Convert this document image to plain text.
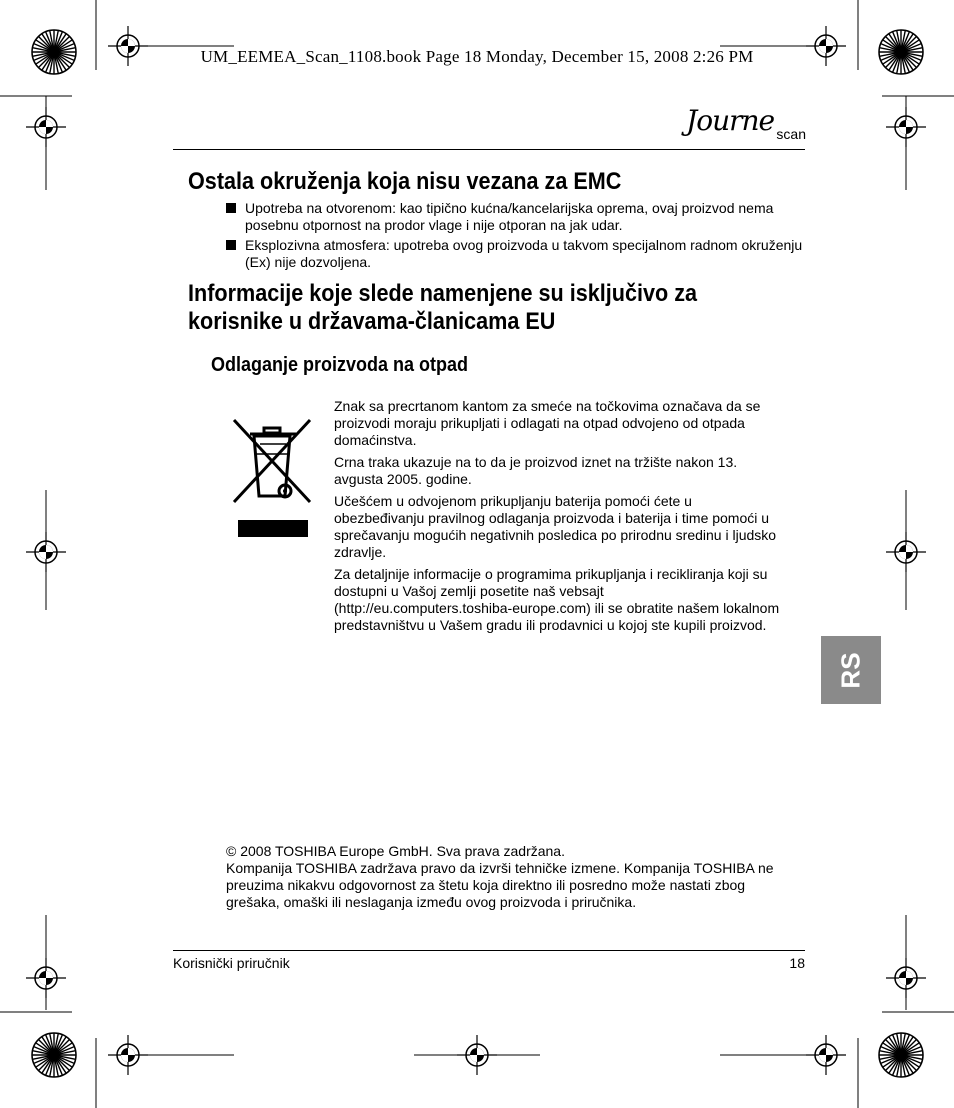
UM_EEMEA_Scan_1108.book Page 18 Monday, December 15, 2008 2:26 PM
Journe scan
Ostala okruženja koja nisu vezana za EMC
Upotreba na otvorenom: kao tipično kućna/kancelarijska oprema, ovaj proizvod nema posebnu otpornost na prodor vlage i nije otporan na jak udar.
Eksplozivna atmosfera: upotreba ovog proizvoda u takvom specijalnom radnom okruženju (Ex) nije dozvoljena.
Informacije koje slede namenjene su isključivo za
korisnike u državama-članicama EU
Odlaganje proizvoda na otpad

Znak sa precrtanom kantom za smeće na točkovima označava da se proizvodi moraju prikupljati i odlagati na otpad odvojeno od otpada domaćinstva.

Crna traka ukazuje na to da je proizvod iznet na tržište nakon 13. avgusta 2005. godine.

Učešćem u odvojenom prikupljanju baterija pomoći ćete u obezbeđivanju pravilnog odlaganja proizvoda i baterija i time pomoći u sprečavanju mogućih negativnih posledica po prirodnu sredinu i ljudsko zdravlje.

Za detaljnije informacije o programima prikupljanja i recikliranja koji su dostupni u Vašoj zemlji posetite naš vebsajt (http://eu.computers.toshiba-europe.com) ili se obratite našem lokalnom predstavništvu u Vašem gradu ili prodavnici u kojoj ste kupili proizvod.

RS

© 2008 TOSHIBA Europe GmbH. Sva prava zadržana.

Kompanija TOSHIBA zadržava pravo da izvrši tehničke izmene. Kompanija TOSHIBA ne preuzima nikakvu odgovornost za štetu koja direktno ili posredno može nastati zbog grešaka, omaški ili neslaganja između ovog proizvoda i priručnika.

Korisnički priručnik	18
